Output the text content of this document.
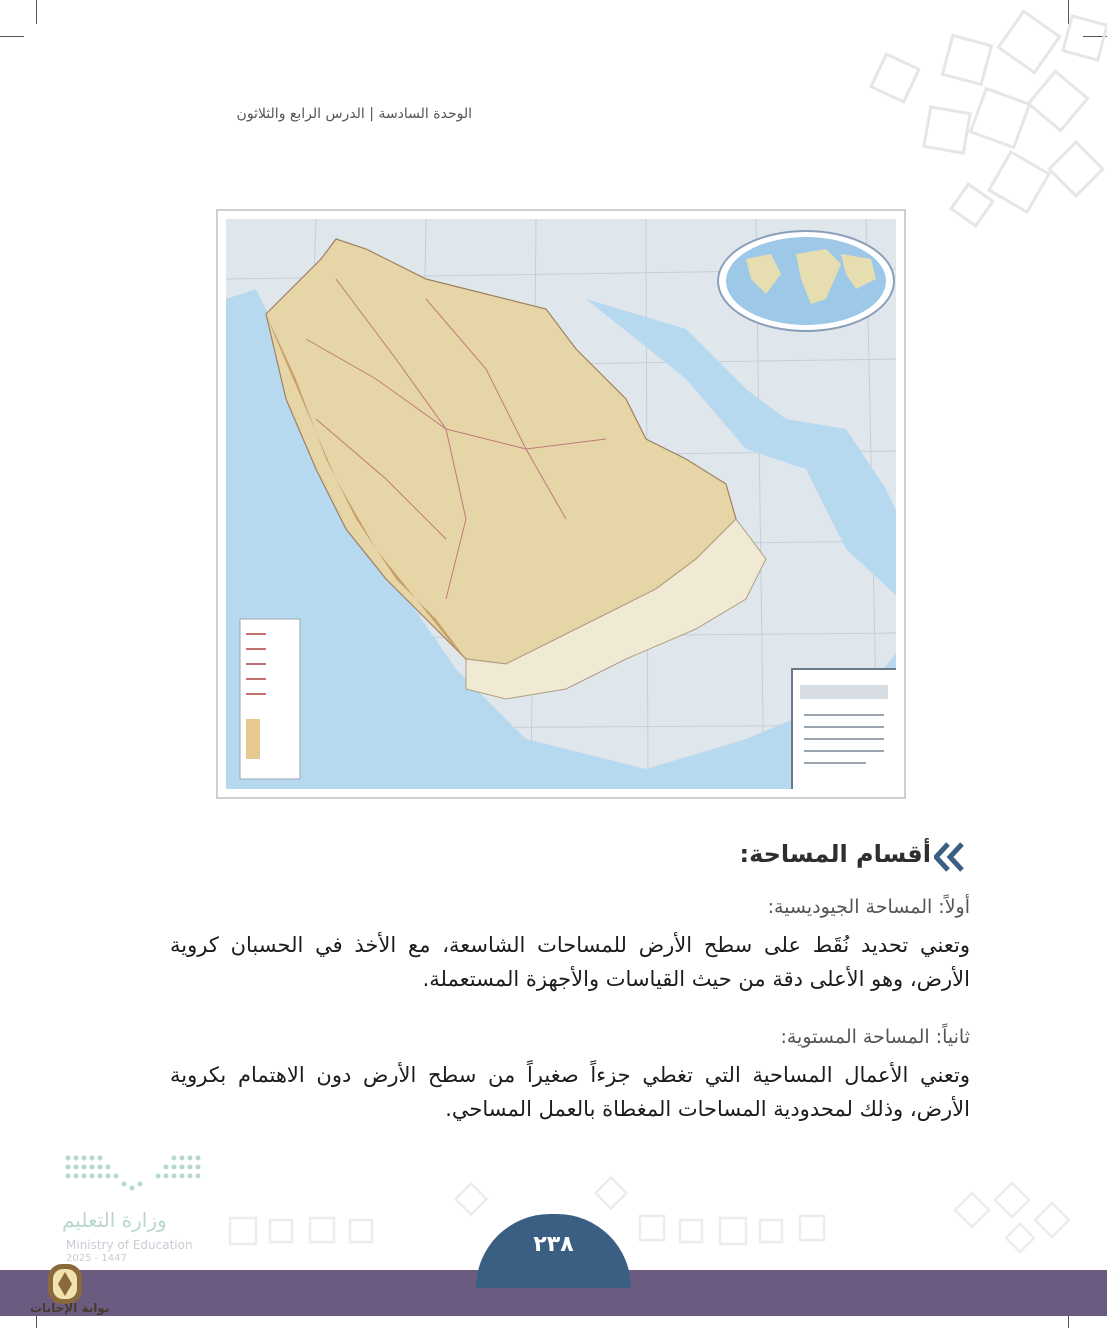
الوحدة السادسة | الدرس الرابع والثلاثون
أقسام المساحة:
أولاً: المساحة الجيوديسية:
وتعني تحديد نُقَط على سطح الأرض للمساحات الشاسعة، مع الأخذ في الحسبان كروية الأرض، وهو الأعلى دقة من حيث القياسات والأجهزة المستعملة.
ثانياً: المساحة المستوية:
وتعني الأعمال المساحية التي تغطي جزءاً صغيراً من سطح الأرض دون الاهتمام بكروية الأرض، وذلك لمحدودية المساحات المغطاة بالعمل المساحي.
وزارة التعليم
Ministry of Education
2025 - 1447
٢٣٨
بوابة الإجابات
